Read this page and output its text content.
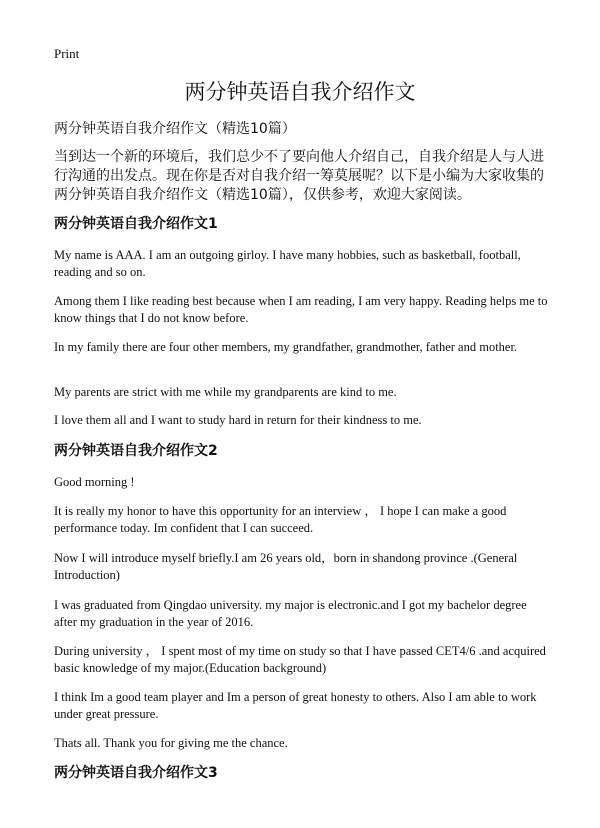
Print
两分钟英语自我介绍作文
两分钟英语自我介绍作文（精选10篇）

当到达一个新的环境后，我们总少不了要向他人介绍自己，自我介绍是人与人进行沟通的出发点。现在你是否对自我介绍一筹莫展呢？以下是小编为大家收集的两分钟英语自我介绍作文（精选10篇），仅供参考，欢迎大家阅读。

两分钟英语自我介绍作文1

My name is AAA. I am an outgoing girloy. I have many hobbies, such as basketball, football, reading and so on.

Among them I like reading best because when I am reading, I am very happy. Reading helps me to know things that I do not know before.

In my family there are four other members, my grandfather, grandmother, father and mother.

My parents are strict with me while my grandparents are kind to me.

I love them all and I want to study hard in return for their kindness to me.

两分钟英语自我介绍作文2

Good morning !

It is really my honor to have this opportunity for an interview ， I hope I can make a good performance today. Im confident that I can succeed.

Now I will introduce myself briefly.I am 26 years old，born in shandong province .(General Introduction)

I was graduated from Qingdao university. my major is electronic.and I got my bachelor degree after my graduation in the year of 2016.

During university ， I spent most of my time on study so that I have passed CET4/6 .and acquired basic knowledge of my major.(Education background)

I think Im a good team player and Im a person of great honesty to others. Also I am able to work under great pressure.

Thats all. Thank you for giving me the chance.

两分钟英语自我介绍作文3
